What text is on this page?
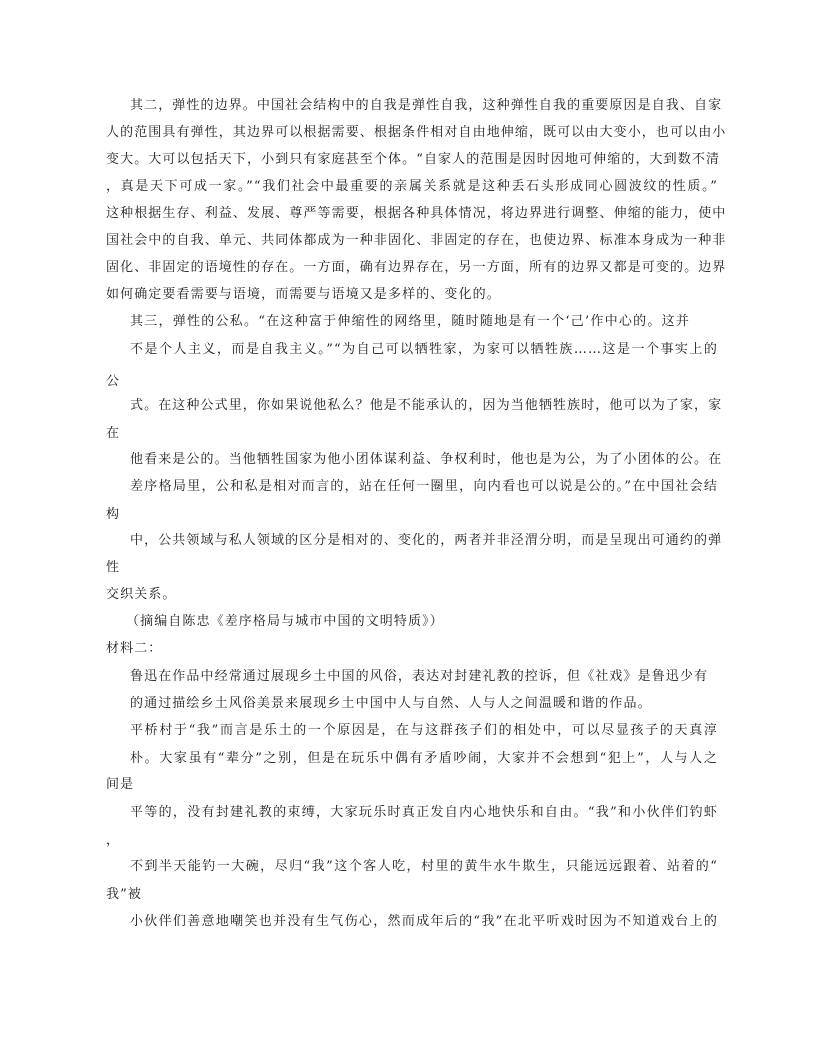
其二，弹性的边界。中国社会结构中的自我是弹性自我，这种弹性自我的重要原因是自我、自家
人的范围具有弹性，其边界可以根据需要、根据条件相对自由地伸缩，既可以由大变小，也可以由小
变大。大可以包括天下，小到只有家庭甚至个体。“自家人的范围是因时因地可伸缩的，大到数不清
，真是天下可成一家。”“我们社会中最重要的亲属关系就是这种丢石头形成同心圆波纹的性质。”
这种根据生存、利益、发展、尊严等需要，根据各种具体情况，将边界进行调整、伸缩的能力，使中
国社会中的自我、单元、共同体都成为一种非固化、非固定的存在，也使边界、标准本身成为一种非
固化、非固定的语境性的存在。一方面，确有边界存在，另一方面，所有的边界又都是可变的。边界
如何确定要看需要与语境，而需要与语境又是多样的、变化的。
其三，弹性的公私。“在这种富于伸缩性的网络里，随时随地是有一个‘己’作中心的。这并
不是个人主义，而是自我主义。”“为自己可以牺牲家，为家可以牺牲族……这是一个事实上的
公
式。在这种公式里，你如果说他私么？他是不能承认的，因为当他牺牲族时，他可以为了家，家
在
他看来是公的。当他牺牲国家为他小团体谋利益、争权利时，他也是为公，为了小团体的公。在
差序格局里，公和私是相对而言的，站在任何一圈里，向内看也可以说是公的。”在中国社会结
构
中，公共领域与私人领域的区分是相对的、变化的，两者并非泾渭分明，而是呈现出可通约的弹
性
交织关系。
（摘编自陈忠《差序格局与城市中国的文明特质》）
材料二：
鲁迅在作品中经常通过展现乡土中国的风俗，表达对封建礼教的控诉，但《社戏》是鲁迅少有
的通过描绘乡土风俗美景来展现乡土中国中人与自然、人与人之间温暖和谐的作品。
平桥村于“我”而言是乐土的一个原因是，在与这群孩子们的相处中，可以尽显孩子的天真淳
朴。大家虽有“辈分”之别，但是在玩乐中偶有矛盾吵闹，大家并不会想到“犯上”，人与人之
间是
平等的，没有封建礼教的束缚，大家玩乐时真正发自内心地快乐和自由。“我”和小伙伴们钓虾
，
不到半天能钓一大碗，尽归“我”这个客人吃，村里的黄牛水牛欺生，只能远远跟着、站着的“
我”被
小伙伴们善意地嘲笑也并没有生气伤心，然而成年后的“我”在北平听戏时因为不知道戏台上的
